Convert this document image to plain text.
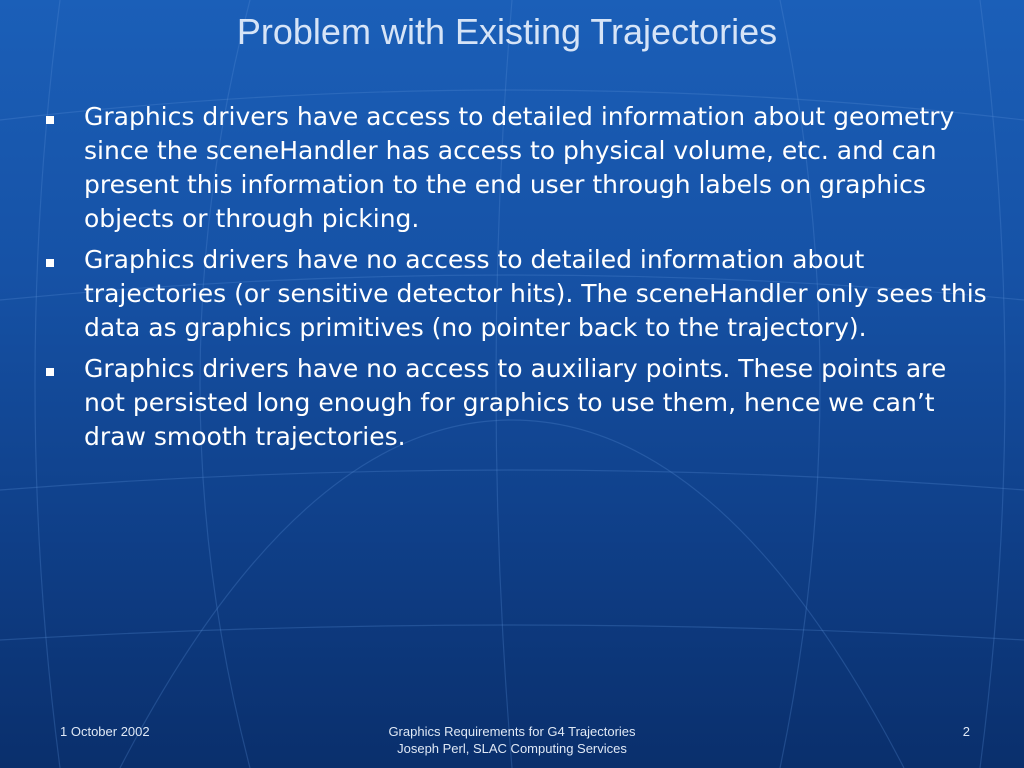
Problem with Existing Trajectories
Graphics drivers have access to detailed information about geometry since the sceneHandler has access to physical volume, etc. and can present this information to the end user through labels on graphics objects or through picking.
Graphics drivers have no access to detailed information about trajectories (or sensitive detector hits). The sceneHandler only sees this data as graphics primitives (no pointer back to the trajectory).
Graphics drivers have no access to auxiliary points. These points are not persisted long enough for graphics to use them, hence we can’t draw smooth trajectories.
1 October 2002	Graphics Requirements for G4 Trajectories
Joseph Perl, SLAC Computing Services
2
